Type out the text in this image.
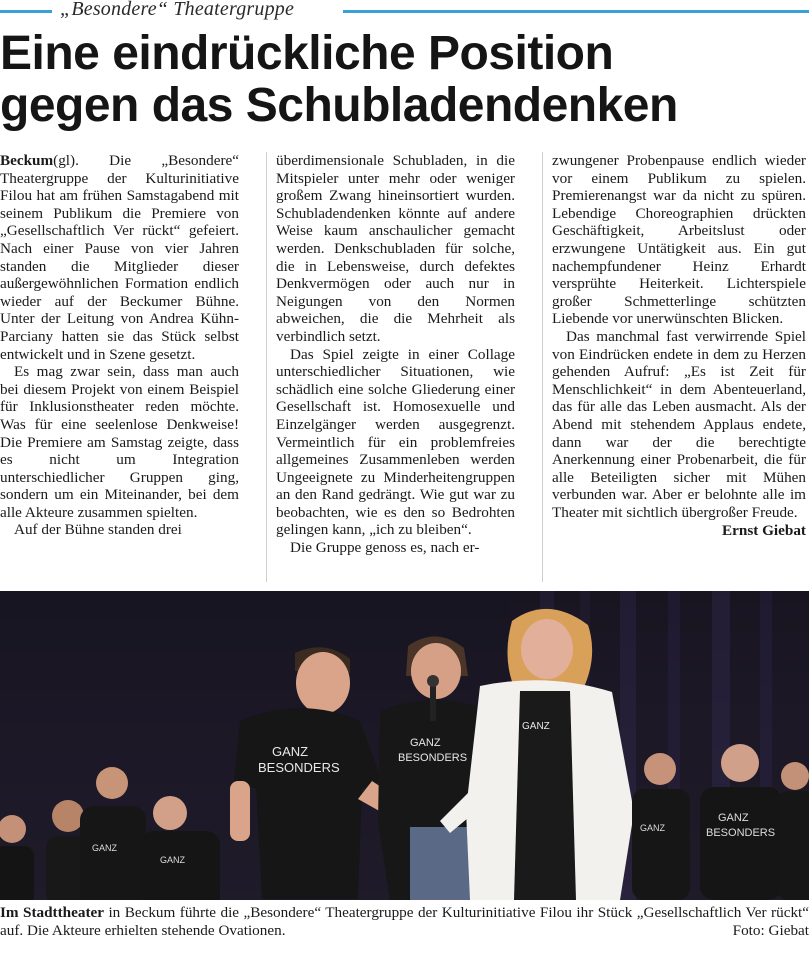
„Besondere“ Theatergruppe
Eine eindrückliche Position
gegen das Schubladendenken

Beckum(gl). Die „Besondere“ Theatergruppe der Kulturinitiative Filou hat am frühen Samstagabend mit seinem Publikum die Premiere von „Gesellschaftlich Ver rückt“ gefeiert. Nach einer Pause von vier Jahren standen die Mitglieder dieser außergewöhnlichen Formation endlich wieder auf der Beckumer Bühne. Unter der Leitung von Andrea Kühn-Parciany hatten sie das Stück selbst entwickelt und in Szene gesetzt.

Es mag zwar sein, dass man auch bei diesem Projekt von einem Beispiel für Inklusionstheater reden möchte. Was für eine seelenlose Denkweise! Die Premiere am Samstag zeigte, dass es nicht um Integration unterschiedlicher Gruppen ging, sondern um ein Miteinander, bei dem alle Akteure zusammen spielten.

Auf der Bühne standen drei

überdimensionale Schubladen, in die Mitspieler unter mehr oder weniger großem Zwang hineinsortiert wurden. Schubladendenken könnte auf andere Weise kaum anschaulicher gemacht werden. Denkschubladen für solche, die in Lebensweise, durch defektes Denkvermögen oder auch nur in Neigungen von den Normen abweichen, die die Mehrheit als verbindlich setzt.

Das Spiel zeigte in einer Collage unterschiedlicher Situationen, wie schädlich eine solche Gliederung einer Gesellschaft ist. Homosexuelle und Einzelgänger werden ausgegrenzt. Vermeintlich für ein problemfreies allgemeines Zusammenleben werden Ungeeignete zu Minderheitengruppen an den Rand gedrängt. Wie gut war zu beobachten, wie es den so Bedrohten gelingen kann, „ich zu bleiben“.

Die Gruppe genoss es, nach er-

zwungener Probenpause endlich wieder vor einem Publikum zu spielen. Premierenangst war da nicht zu spüren. Lebendige Choreographien drückten Geschäftigkeit, Arbeitslust oder erzwungene Untätigkeit aus. Ein gut nachempfundener Heinz Erhardt versprühte Heiterkeit. Lichterspiele großer Schmetterlinge schützten Liebende vor unerwünschten Blicken.

Das manchmal fast verwirrende Spiel von Eindrücken endete in dem zu Herzen gehenden Aufruf: „Es ist Zeit für Menschlichkeit“ in dem Abenteuerland, das für alle das Leben ausmacht. Als der Abend mit stehendem Applaus endete, dann war der die berechtigte Anerkennung einer Probenarbeit, die für alle Beteiligten sicher mit Mühen verbunden war. Aber er belohnte alle im Theater mit sichtlich übergroßer Freude.

Ernst Giebat
GANZ
GANZ
GANZ
BESONDERS
GANZ
BESONDERS
GANZ
GANZ
GANZ
BESONDERS
Im Stadttheater in Beckum führte die „Besondere“ Theatergruppe der Kulturinitiative Filou ihr Stück „Gesellschaftlich Ver rückt“ auf. Die Akteure erhielten stehende Ovationen.	Foto: Giebat
